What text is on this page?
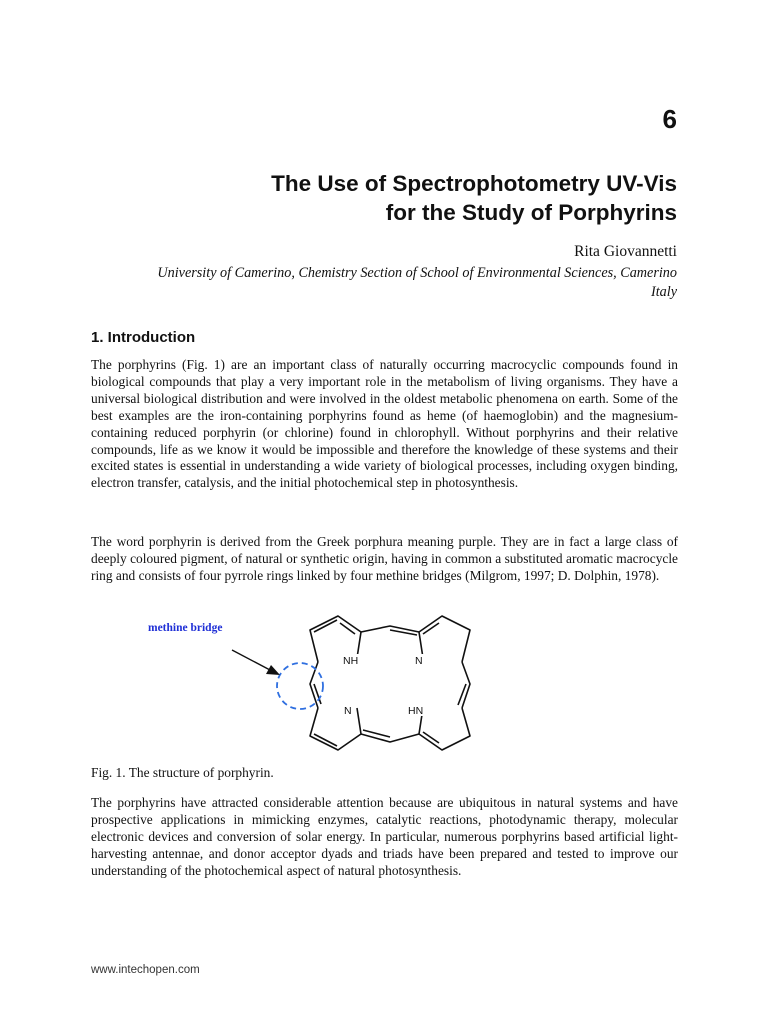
6
The Use of Spectrophotometry UV-Vis
for the Study of Porphyrins
Rita Giovannetti
University of Camerino, Chemistry Section of School of Environmental Sciences, Camerino
Italy
1. Introduction

The porphyrins (Fig. 1) are an important class of naturally occurring macrocyclic compounds found in biological compounds that play a very important role in the metabolism of living organisms. They have a universal biological distribution and were involved in the oldest metabolic phenomena on earth. Some of the best examples are the iron-containing porphyrins found as heme (of haemoglobin) and the magnesium-containing reduced porphyrin (or chlorine) found in chlorophyll. Without porphyrins and their relative compounds, life as we know it would be impossible and therefore the knowledge of these systems and their excited states is essential in understanding a wide variety of biological processes, including oxygen binding, electron transfer, catalysis, and the initial photochemical step in photosynthesis.

The word porphyrin is derived from the Greek porphura meaning purple. They are in fact a large class of deeply coloured pigment, of natural or synthetic origin, having in common a substituted aromatic macrocycle ring and consists of four pyrrole rings linked by four methine bridges (Milgrom, 1997; D. Dolphin, 1978).

methine bridge
NH	N
N	HN
Fig. 1. The structure of porphyrin.

The porphyrins have attracted considerable attention because are ubiquitous in natural systems and have prospective applications in mimicking enzymes, catalytic reactions, photodynamic therapy, molecular electronic devices and conversion of solar energy. In particular, numerous porphyrins based artificial light-harvesting antennae, and donor acceptor dyads and triads have been prepared and tested to improve our understanding of the photochemical aspect of natural photosynthesis.

www.intechopen.com
